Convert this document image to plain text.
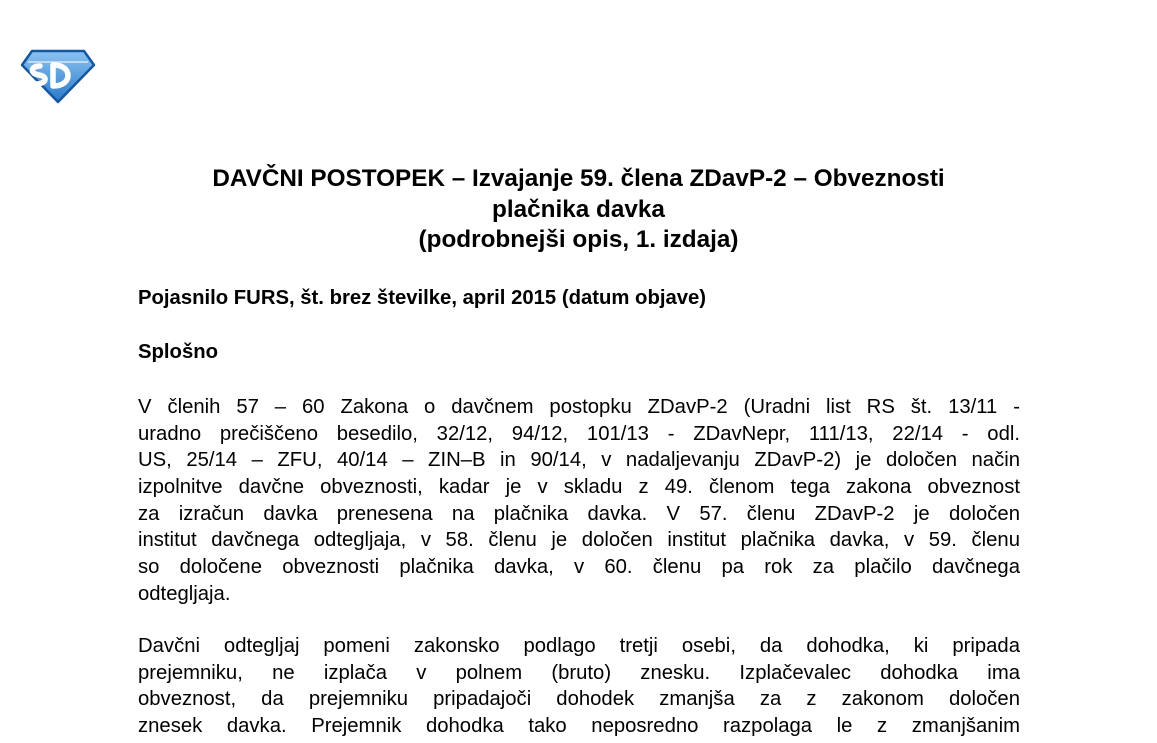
DAVČNI POSTOPEK – Izvajanje 59. člena ZDavP-2 – Obveznosti
plačnika davka
(podrobnejši opis, 1. izdaja)
Pojasnilo FURS, št. brez številke, april 2015 (datum objave)
Splošno
V členih 57 – 60 Zakona o davčnem postopku ZDavP-2 (Uradni list RS št. 13/11 -
uradno prečiščeno besedilo, 32/12, 94/12, 101/13 - ZDavNepr, 111/13, 22/14 - odl.
US, 25/14 – ZFU, 40/14 – ZIN–B in 90/14, v nadaljevanju ZDavP-2) je določen način
izpolnitve davčne obveznosti, kadar je v skladu z 49. členom tega zakona obveznost
za izračun davka prenesena na plačnika davka. V 57. členu ZDavP-2 je določen
institut davčnega odtegljaja, v 58. členu je določen institut plačnika davka, v 59. členu
so določene obveznosti plačnika davka, v 60. členu pa rok za plačilo davčnega
odtegljaja.
Davčni odtegljaj pomeni zakonsko podlago tretji osebi, da dohodka, ki pripada
prejemniku, ne izplača v polnem (bruto) znesku. Izplačevalec dohodka ima
obveznost, da prejemniku pripadajoči dohodek zmanjša za z zakonom določen
znesek davka. Prejemnik dohodka tako neposredno razpolaga le z zmanjšanim
